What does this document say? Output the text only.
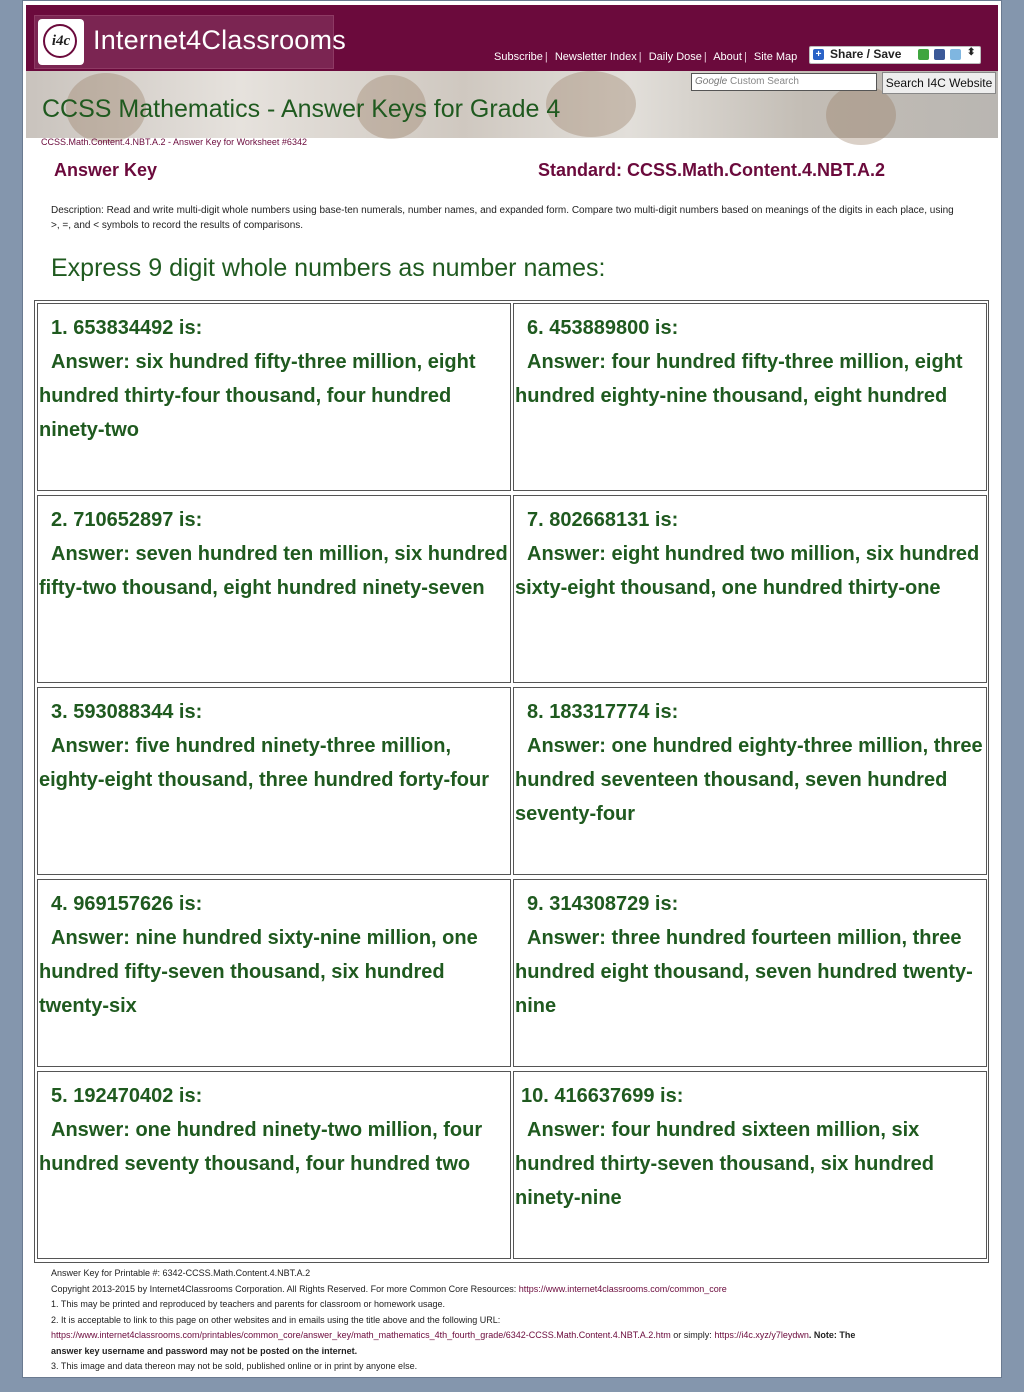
i4c Internet4Classrooms
Subscribe | Newsletter Index | Daily Dose | About | Site Map + Share / Save	⬍
Google Custom Search	Search I4C Website
CCSS Mathematics - Answer Keys for Grade 4
CCSS.Math.Content.4.NBT.A.2 - Answer Key for Worksheet #6342
Answer Key	Standard: CCSS.Math.Content.4.NBT.A.2
Description: Read and write multi-digit whole numbers using base-ten numerals, number names, and expanded form. Compare two multi-digit numbers based on meanings of the digits in each place, using
>, =, and < symbols to record the results of comparisons.
Express 9 digit whole numbers as number names:
1. 653834492 is:
Answer: six hundred fifty-three million, eight hundred thirty-four thousand, four hundred ninety-two
6. 453889800 is:
Answer: four hundred fifty-three million, eight hundred eighty-nine thousand, eight hundred
2. 710652897 is:
Answer: seven hundred ten million, six hundred fifty-two thousand, eight hundred ninety-seven
7. 802668131 is:
Answer: eight hundred two million, six hundred sixty-eight thousand, one hundred thirty-one
3. 593088344 is:
Answer: five hundred ninety-three million, eighty-eight thousand, three hundred forty-four
8. 183317774 is:
Answer: one hundred eighty-three million, three hundred seventeen thousand, seven hundred seventy-four
4. 969157626 is:
Answer: nine hundred sixty-nine million, one hundred fifty-seven thousand, six hundred twenty-six
9. 314308729 is:
Answer: three hundred fourteen million, three hundred eight thousand, seven hundred twenty-nine
5. 192470402 is:
Answer: one hundred ninety-two million, four hundred seventy thousand, four hundred two
10. 416637699 is:
Answer: four hundred sixteen million, six hundred thirty-seven thousand, six hundred ninety-nine
Answer Key for Printable #: 6342-CCSS.Math.Content.4.NBT.A.2
Copyright 2013-2015 by Internet4Classrooms Corporation. All Rights Reserved. For more Common Core Resources: https://www.internet4classrooms.com/common_core
1. This may be printed and reproduced by teachers and parents for classroom or homework usage.
2. It is acceptable to link to this page on other websites and in emails using the title above and the following URL:
https://www.internet4classrooms.com/printables/common_core/answer_key/math_mathematics_4th_fourth_grade/6342-CCSS.Math.Content.4.NBT.A.2.htm or simply: https://i4c.xyz/y7leydwn. Note: The
answer key username and password may not be posted on the internet.
3. This image and data thereon may not be sold, published online or in print by anyone else.
